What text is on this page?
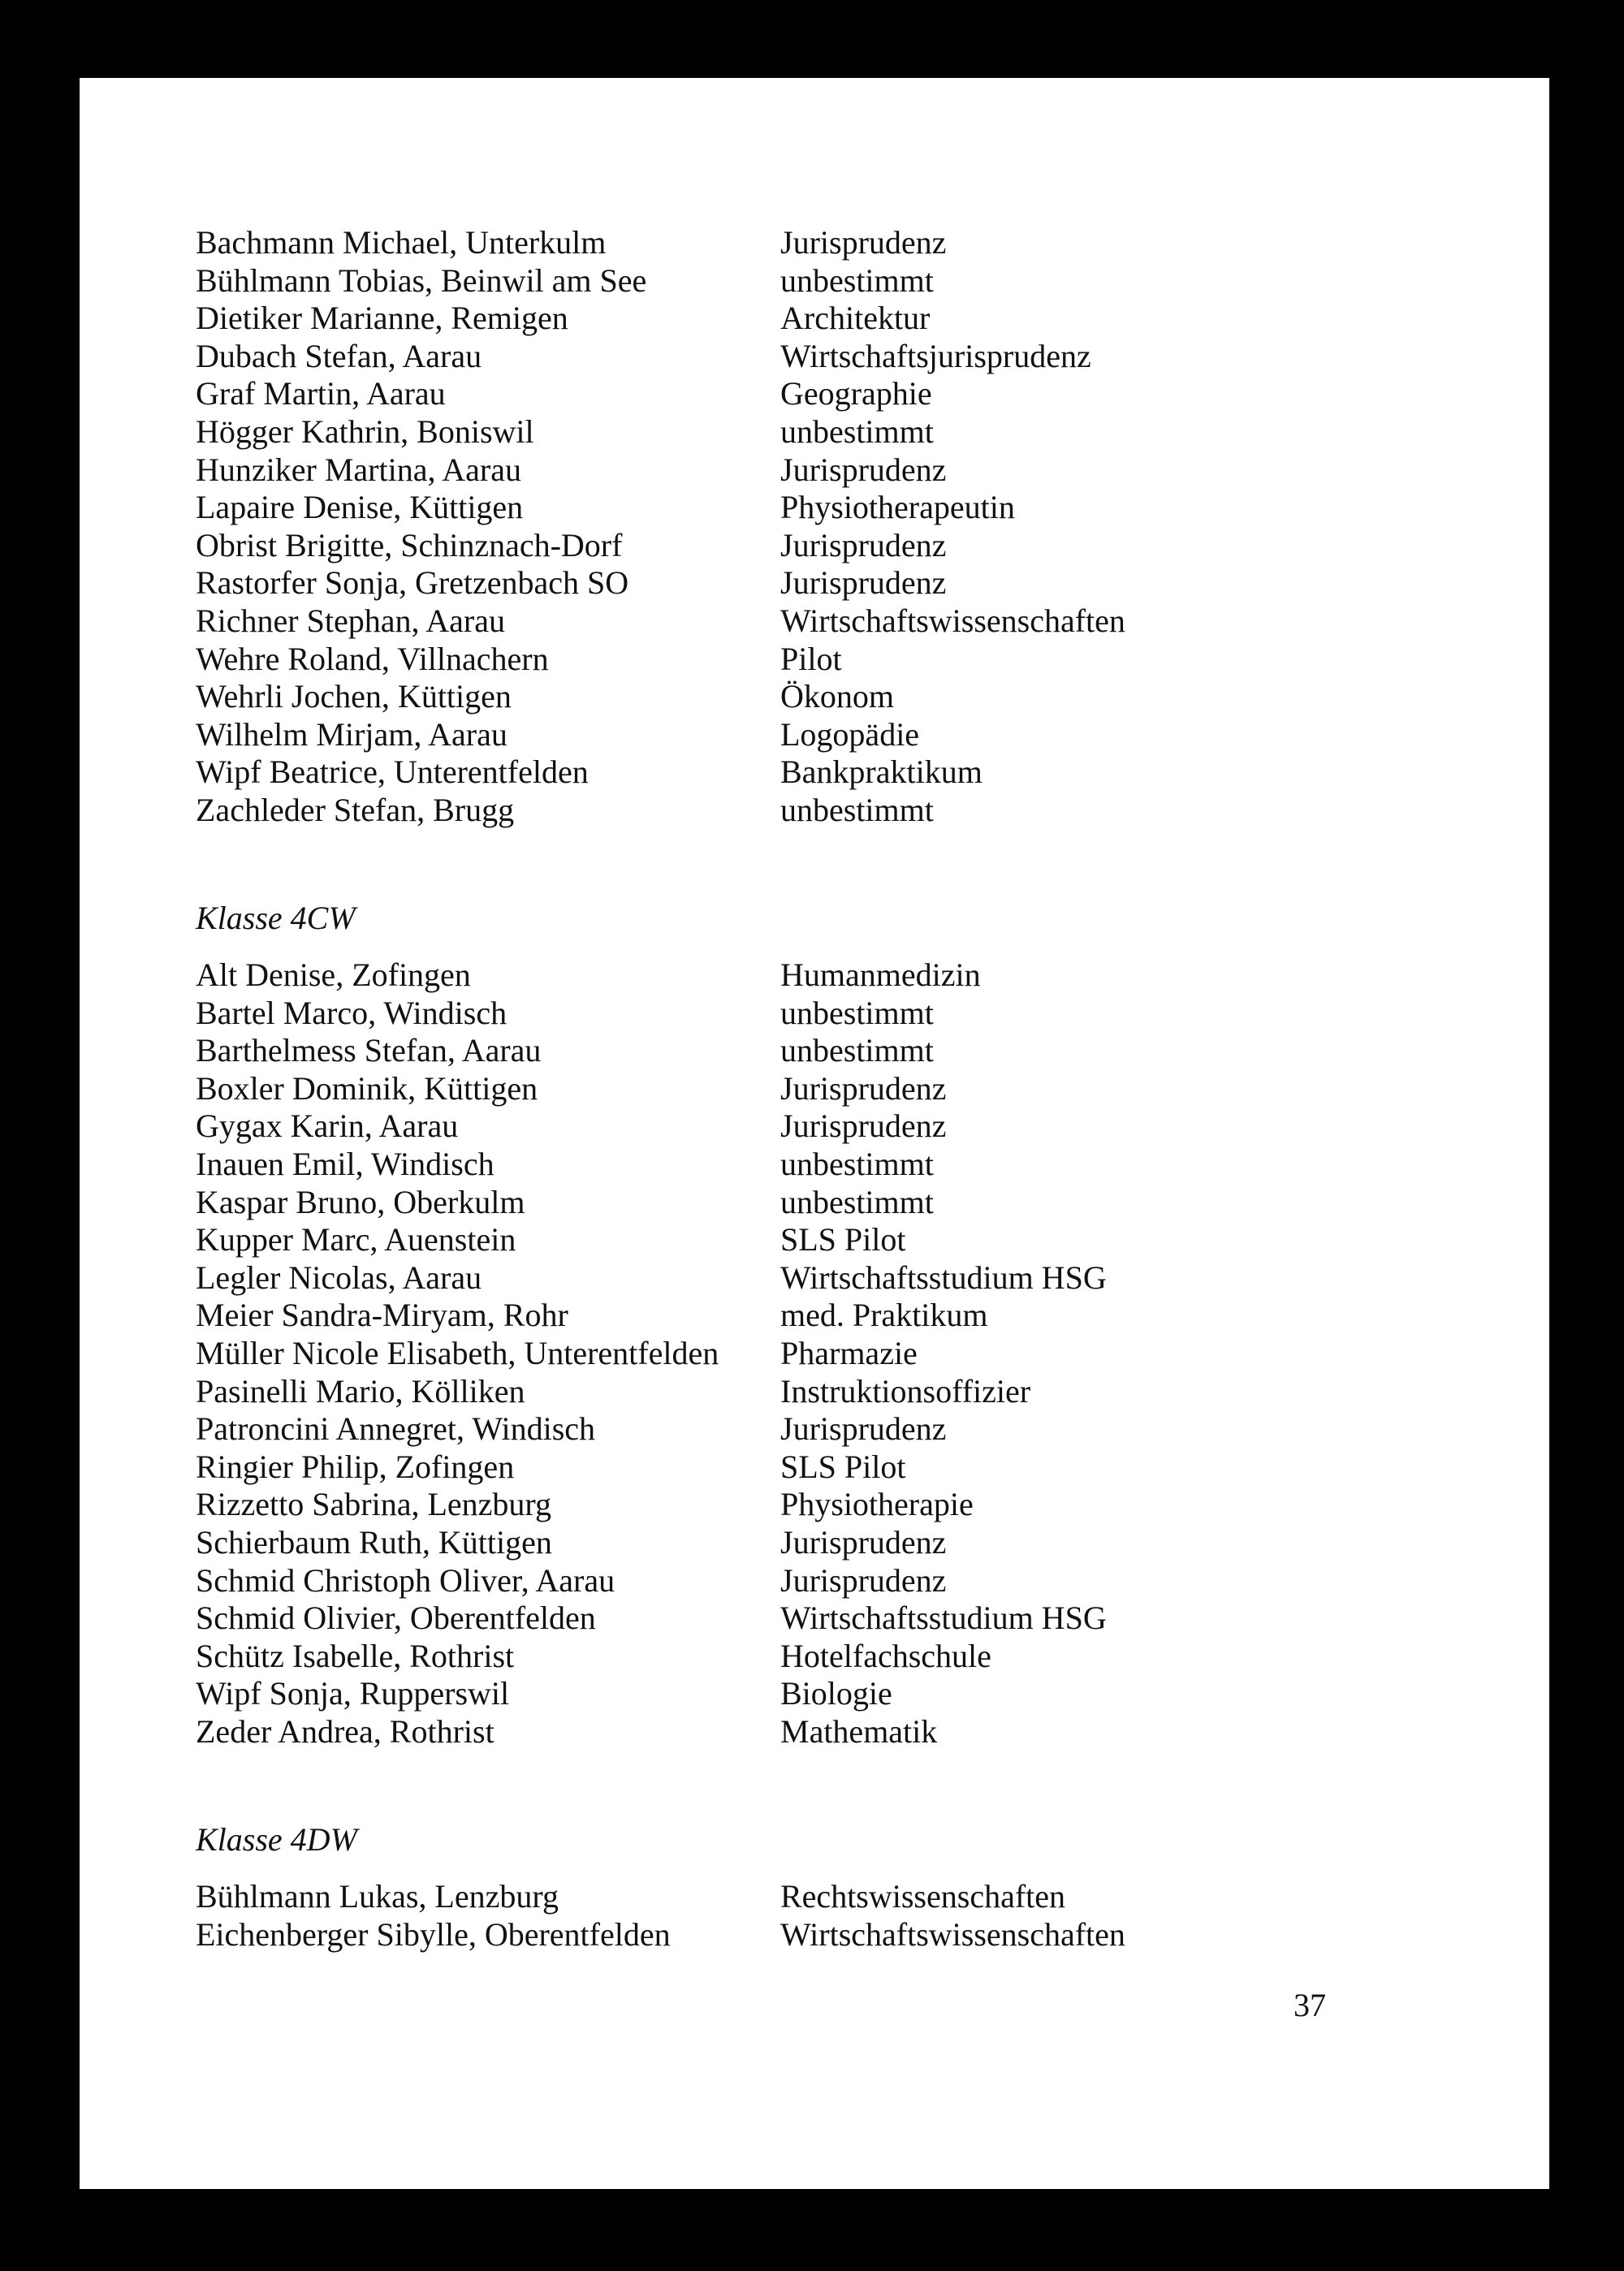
Bachmann Michael, Unterkulm	Jurisprudenz
Bühlmann Tobias, Beinwil am See	unbestimmt
Dietiker Marianne, Remigen	Architektur
Dubach Stefan, Aarau	Wirtschaftsjurisprudenz
Graf Martin, Aarau	Geographie
Högger Kathrin, Boniswil	unbestimmt
Hunziker Martina, Aarau	Jurisprudenz
Lapaire Denise, Küttigen	Physiotherapeutin
Obrist Brigitte, Schinznach-Dorf	Jurisprudenz
Rastorfer Sonja, Gretzenbach SO	Jurisprudenz
Richner Stephan, Aarau	Wirtschaftswissenschaften
Wehre Roland, Villnachern	Pilot
Wehrli Jochen, Küttigen	Ökonom
Wilhelm Mirjam, Aarau	Logopädie
Wipf Beatrice, Unterentfelden	Bankpraktikum
Zachleder Stefan, Brugg	unbestimmt
Klasse 4CW
Alt Denise, Zofingen	Humanmedizin
Bartel Marco, Windisch	unbestimmt
Barthelmess Stefan, Aarau	unbestimmt
Boxler Dominik, Küttigen	Jurisprudenz
Gygax Karin, Aarau	Jurisprudenz
Inauen Emil, Windisch	unbestimmt
Kaspar Bruno, Oberkulm	unbestimmt
Kupper Marc, Auenstein	SLS Pilot
Legler Nicolas, Aarau	Wirtschaftsstudium HSG
Meier Sandra-Miryam, Rohr	med. Praktikum
Müller Nicole Elisabeth, Unterentfelden Pharmazie
Pasinelli Mario, Kölliken	Instruktionsoffizier
Patroncini Annegret, Windisch	Jurisprudenz
Ringier Philip, Zofingen	SLS Pilot
Rizzetto Sabrina, Lenzburg	Physiotherapie
Schierbaum Ruth, Küttigen	Jurisprudenz
Schmid Christoph Oliver, Aarau	Jurisprudenz
Schmid Olivier, Oberentfelden	Wirtschaftsstudium HSG
Schütz Isabelle, Rothrist	Hotelfachschule
Wipf Sonja, Rupperswil	Biologie
Zeder Andrea, Rothrist	Mathematik
Klasse 4DW
Bühlmann Lukas, Lenzburg	Rechtswissenschaften
Eichenberger Sibylle, Oberentfelden	Wirtschaftswissenschaften
37
